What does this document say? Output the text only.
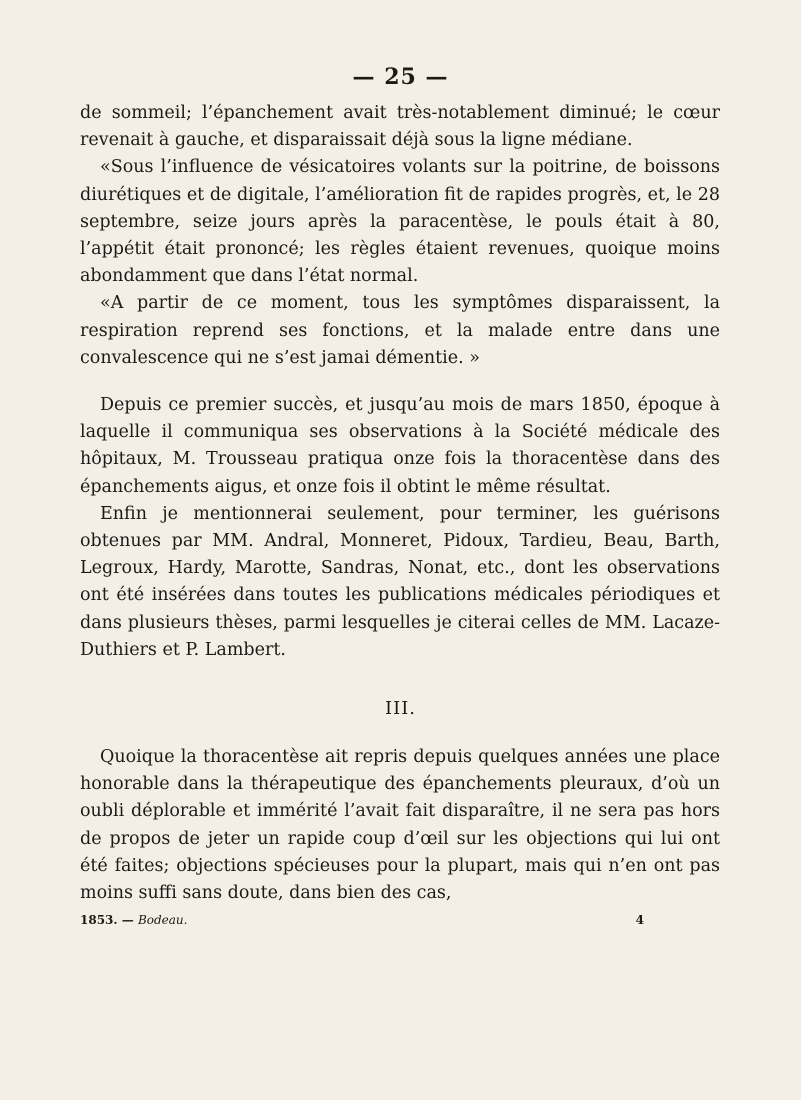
— 25 —

de sommeil; l’épanchement avait très-notablement diminué; le cœur revenait à gauche, et disparaissait déjà sous la ligne médiane.

«Sous l’influence de vésicatoires volants sur la poitrine, de boissons diurétiques et de digitale, l’amélioration fit de rapides progrès, et, le 28 septembre, seize jours après la paracentèse, le pouls était à 80, l’appétit était prononcé; les règles étaient revenues, quoique moins abondamment que dans l’état normal.

«A partir de ce moment, tous les symptômes disparaissent, la respiration reprend ses fonctions, et la malade entre dans une convalescence qui ne s’est jamai démentie. »

Depuis ce premier succès, et jusqu’au mois de mars 1850, époque à laquelle il communiqua ses observations à la Société médicale des hôpitaux, M. Trousseau pratiqua onze fois la thoracentèse dans des épanchements aigus, et onze fois il obtint le même résultat.

Enfin je mentionnerai seulement, pour terminer, les guérisons obtenues par MM. Andral, Monneret, Pidoux, Tardieu, Beau, Barth, Legroux, Hardy, Marotte, Sandras, Nonat, etc., dont les observations ont été insérées dans toutes les publications médicales périodiques et dans plusieurs thèses, parmi lesquelles je citerai celles de MM. Lacaze-Duthiers et P. Lambert.

III.

Quoique la thoracentèse ait repris depuis quelques années une place honorable dans la thérapeutique des épanchements pleuraux, d’où un oubli déplorable et immérité l’avait fait disparaître, il ne sera pas hors de propos de jeter un rapide coup d’œil sur les objections qui lui ont été faites; objections spécieuses pour la plupart, mais qui n’en ont pas moins suffi sans doute, dans bien des cas,

1853. — Bodeau.	4
